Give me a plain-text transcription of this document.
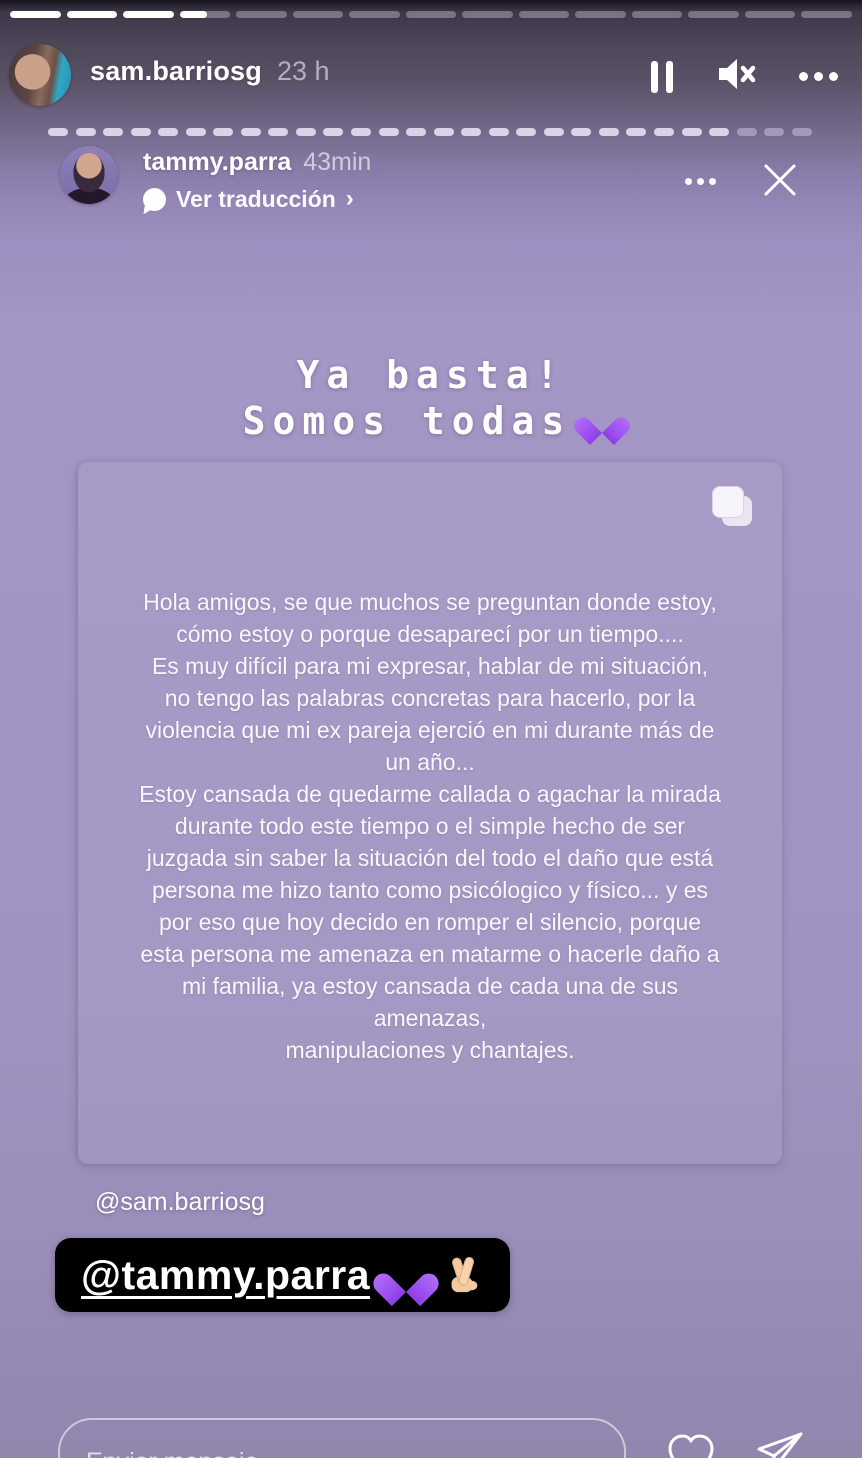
sam.barriosg 23 h
tammy.parra 43min
Ver traducción ›
Ya basta!
Somos todas
Hola amigos, se que muchos se preguntan donde estoy,
cómo estoy o porque desaparecí por un tiempo....
Es muy difícil para mi expresar, hablar de mi situación,
no tengo las palabras concretas para hacerlo, por la
violencia que mi ex pareja ejerció en mi durante más de
un año...
Estoy cansada de quedarme callada o agachar la mirada
durante todo este tiempo o el simple hecho de ser
juzgada sin saber la situación del todo el daño que está
persona me hizo tanto como psicólogico y físico... y es
por eso que hoy decido en romper el silencio, porque
esta persona me amenaza en matarme o hacerle daño a
mi familia, ya estoy cansada de cada una de sus
amenazas,
manipulaciones y chantajes.
@sam.barriosg
@tammy.parra
Enviar mensaje
